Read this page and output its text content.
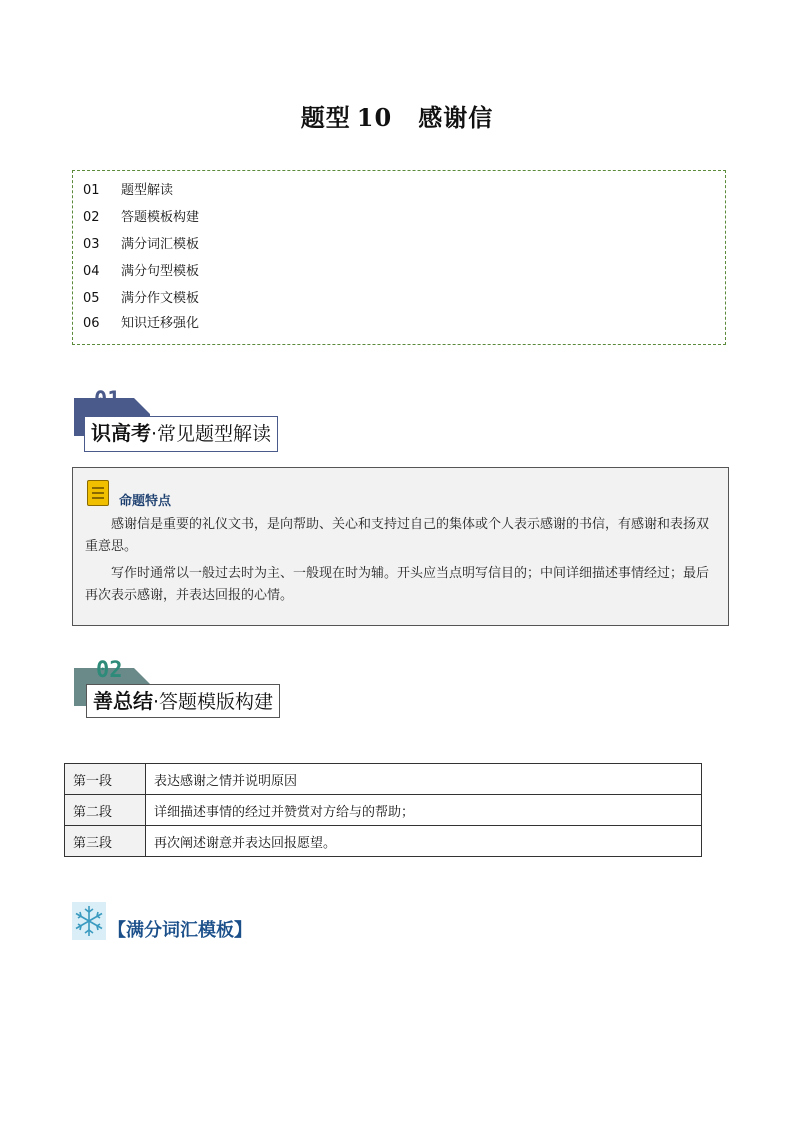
题型 10 感谢信
01 题型解读
02 答题模板构建
03 满分词汇模板
04 满分句型模板
05 满分作文模板
06 知识迁移强化
01
识高考·常见题型解读
命题特点

感谢信是重要的礼仪文书，是向帮助、关心和支持过自己的集体或个人表示感谢的书信，有感谢和表扬双重意思。

写作时通常以一般过去时为主、一般现在时为辅。开头应当点明写信目的；中间详细描述事情经过；最后再次表示感谢，并表达回报的心情。

02
善总结·答题模版构建
第一段	表达感谢之情并说明原因
第二段	详细描述事情的经过并赞赏对方给与的帮助；
第三段	再次阐述谢意并表达回报愿望。
【满分词汇模板】
